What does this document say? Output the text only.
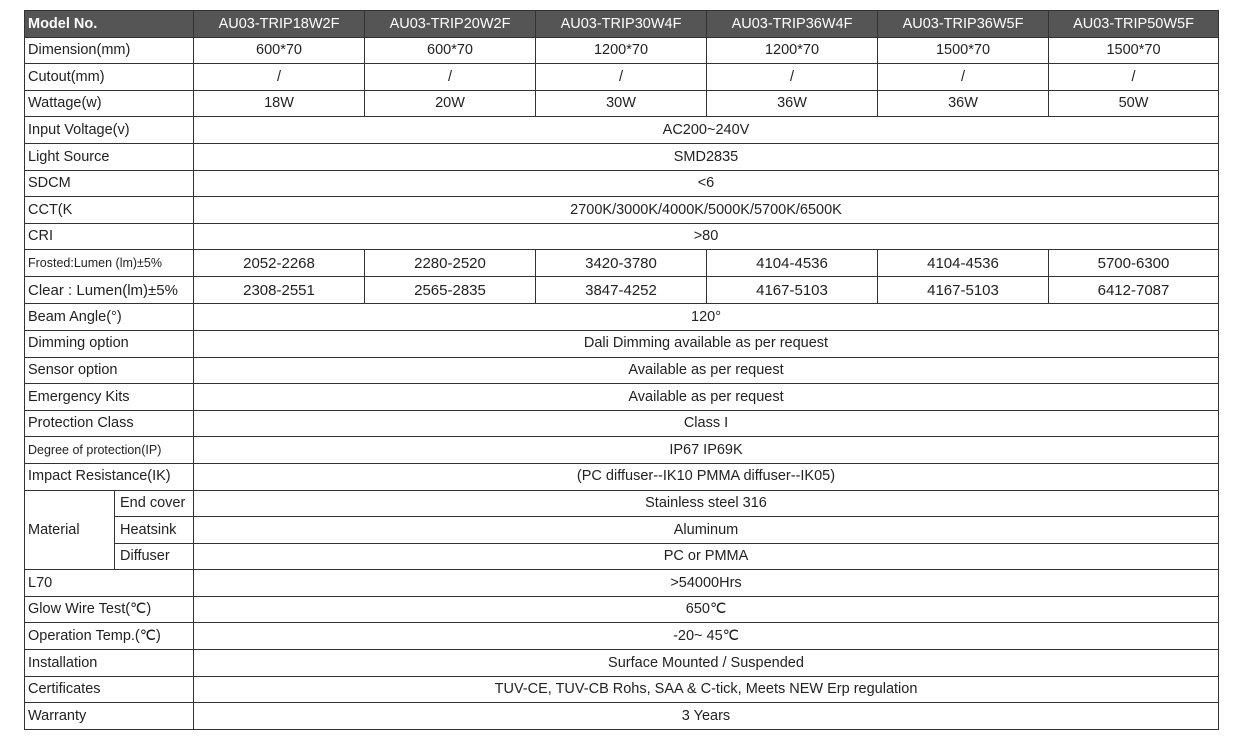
Model No.		AU03-TRIP18W2F	AU03-TRIP20W2F	AU03-TRIP30W4F	AU03-TRIP36W4F	AU03-TRIP36W5F	AU03-TRIP50W5F
Dimension(mm)		600*70	600*70	1200*70	1200*70	1500*70	1500*70
Cutout(mm)		/	/	/	/	/	/
Wattage(w)		18W	20W	30W	36W	36W	50W
Input Voltage(v)		AC200~240V					
Light Source		SMD2835					
SDCM		<6					
CCT(K		2700K/3000K/4000K/5000K/5700K/6500K					
CRI		>80					
Frosted:Lumen (lm)±5%		2052-2268	2280-2520	3420-3780	4104-4536	4104-4536	5700-6300
Clear : Lumen(lm)±5%		2308-2551	2565-2835	3847-4252	4167-5103	4167-5103	6412-7087
Beam Angle(°)		120°					
Dimming option		Dali Dimming available as per request					
Sensor option		Available as per request					
Emergency Kits		Available as per request					
Protection Class		Class I					
Degree of protection(IP)		IP67 IP69K					
Impact Resistance(IK)		(PC diffuser--IK10 PMMA diffuser--IK05)					
Material	End cover	Stainless steel 316					
	Heatsink	Aluminum					
	Diffuser	PC or PMMA					
L70		>54000Hrs					
Glow Wire Test(℃)		650℃					
Operation Temp.(℃)		-20~ 45℃					
Installation		Surface Mounted / Suspended					
Certificates		TUV-CE, TUV-CB Rohs, SAA & C-tick, Meets NEW Erp regulation					
Warranty		3 Years					
